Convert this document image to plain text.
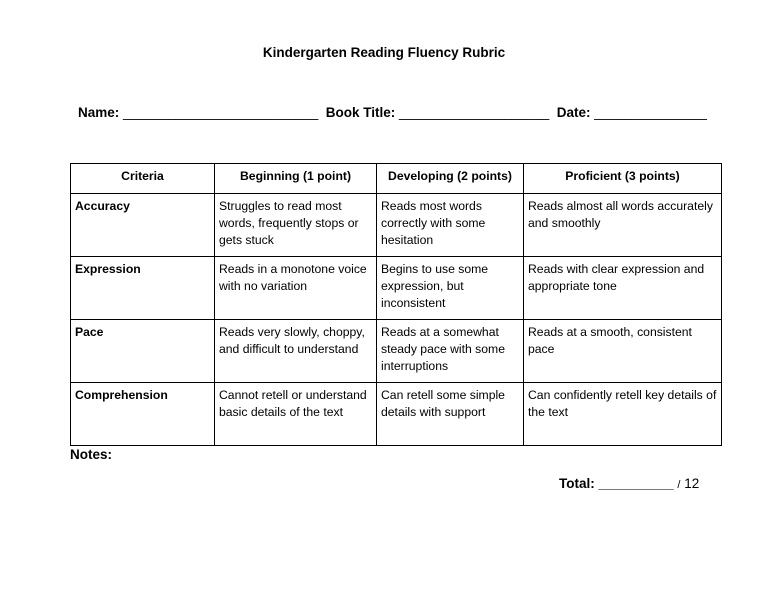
Kindergarten Reading Fluency Rubric
Name: __________________________ Book Title: ____________________ Date: _______________
Criteria	Beginning (1 point)	Developing (2 points)	Proficient (3 points)
Accuracy	Struggles to read most words, frequently stops or gets stuck	Reads most words correctly with some hesitation	Reads almost all words accurately and smoothly
Expression	Reads in a monotone voice with no variation	Begins to use some expression, but inconsistent	Reads with clear expression and appropriate tone
Pace	Reads very slowly, choppy, and difficult to understand	Reads at a somewhat steady pace with some interruptions	Reads at a smooth, consistent pace
Comprehension	Cannot retell or understand basic details of the text	Can retell some simple details with support	Can confidently retell key details of the text
Notes:
Total: __________ / 12
